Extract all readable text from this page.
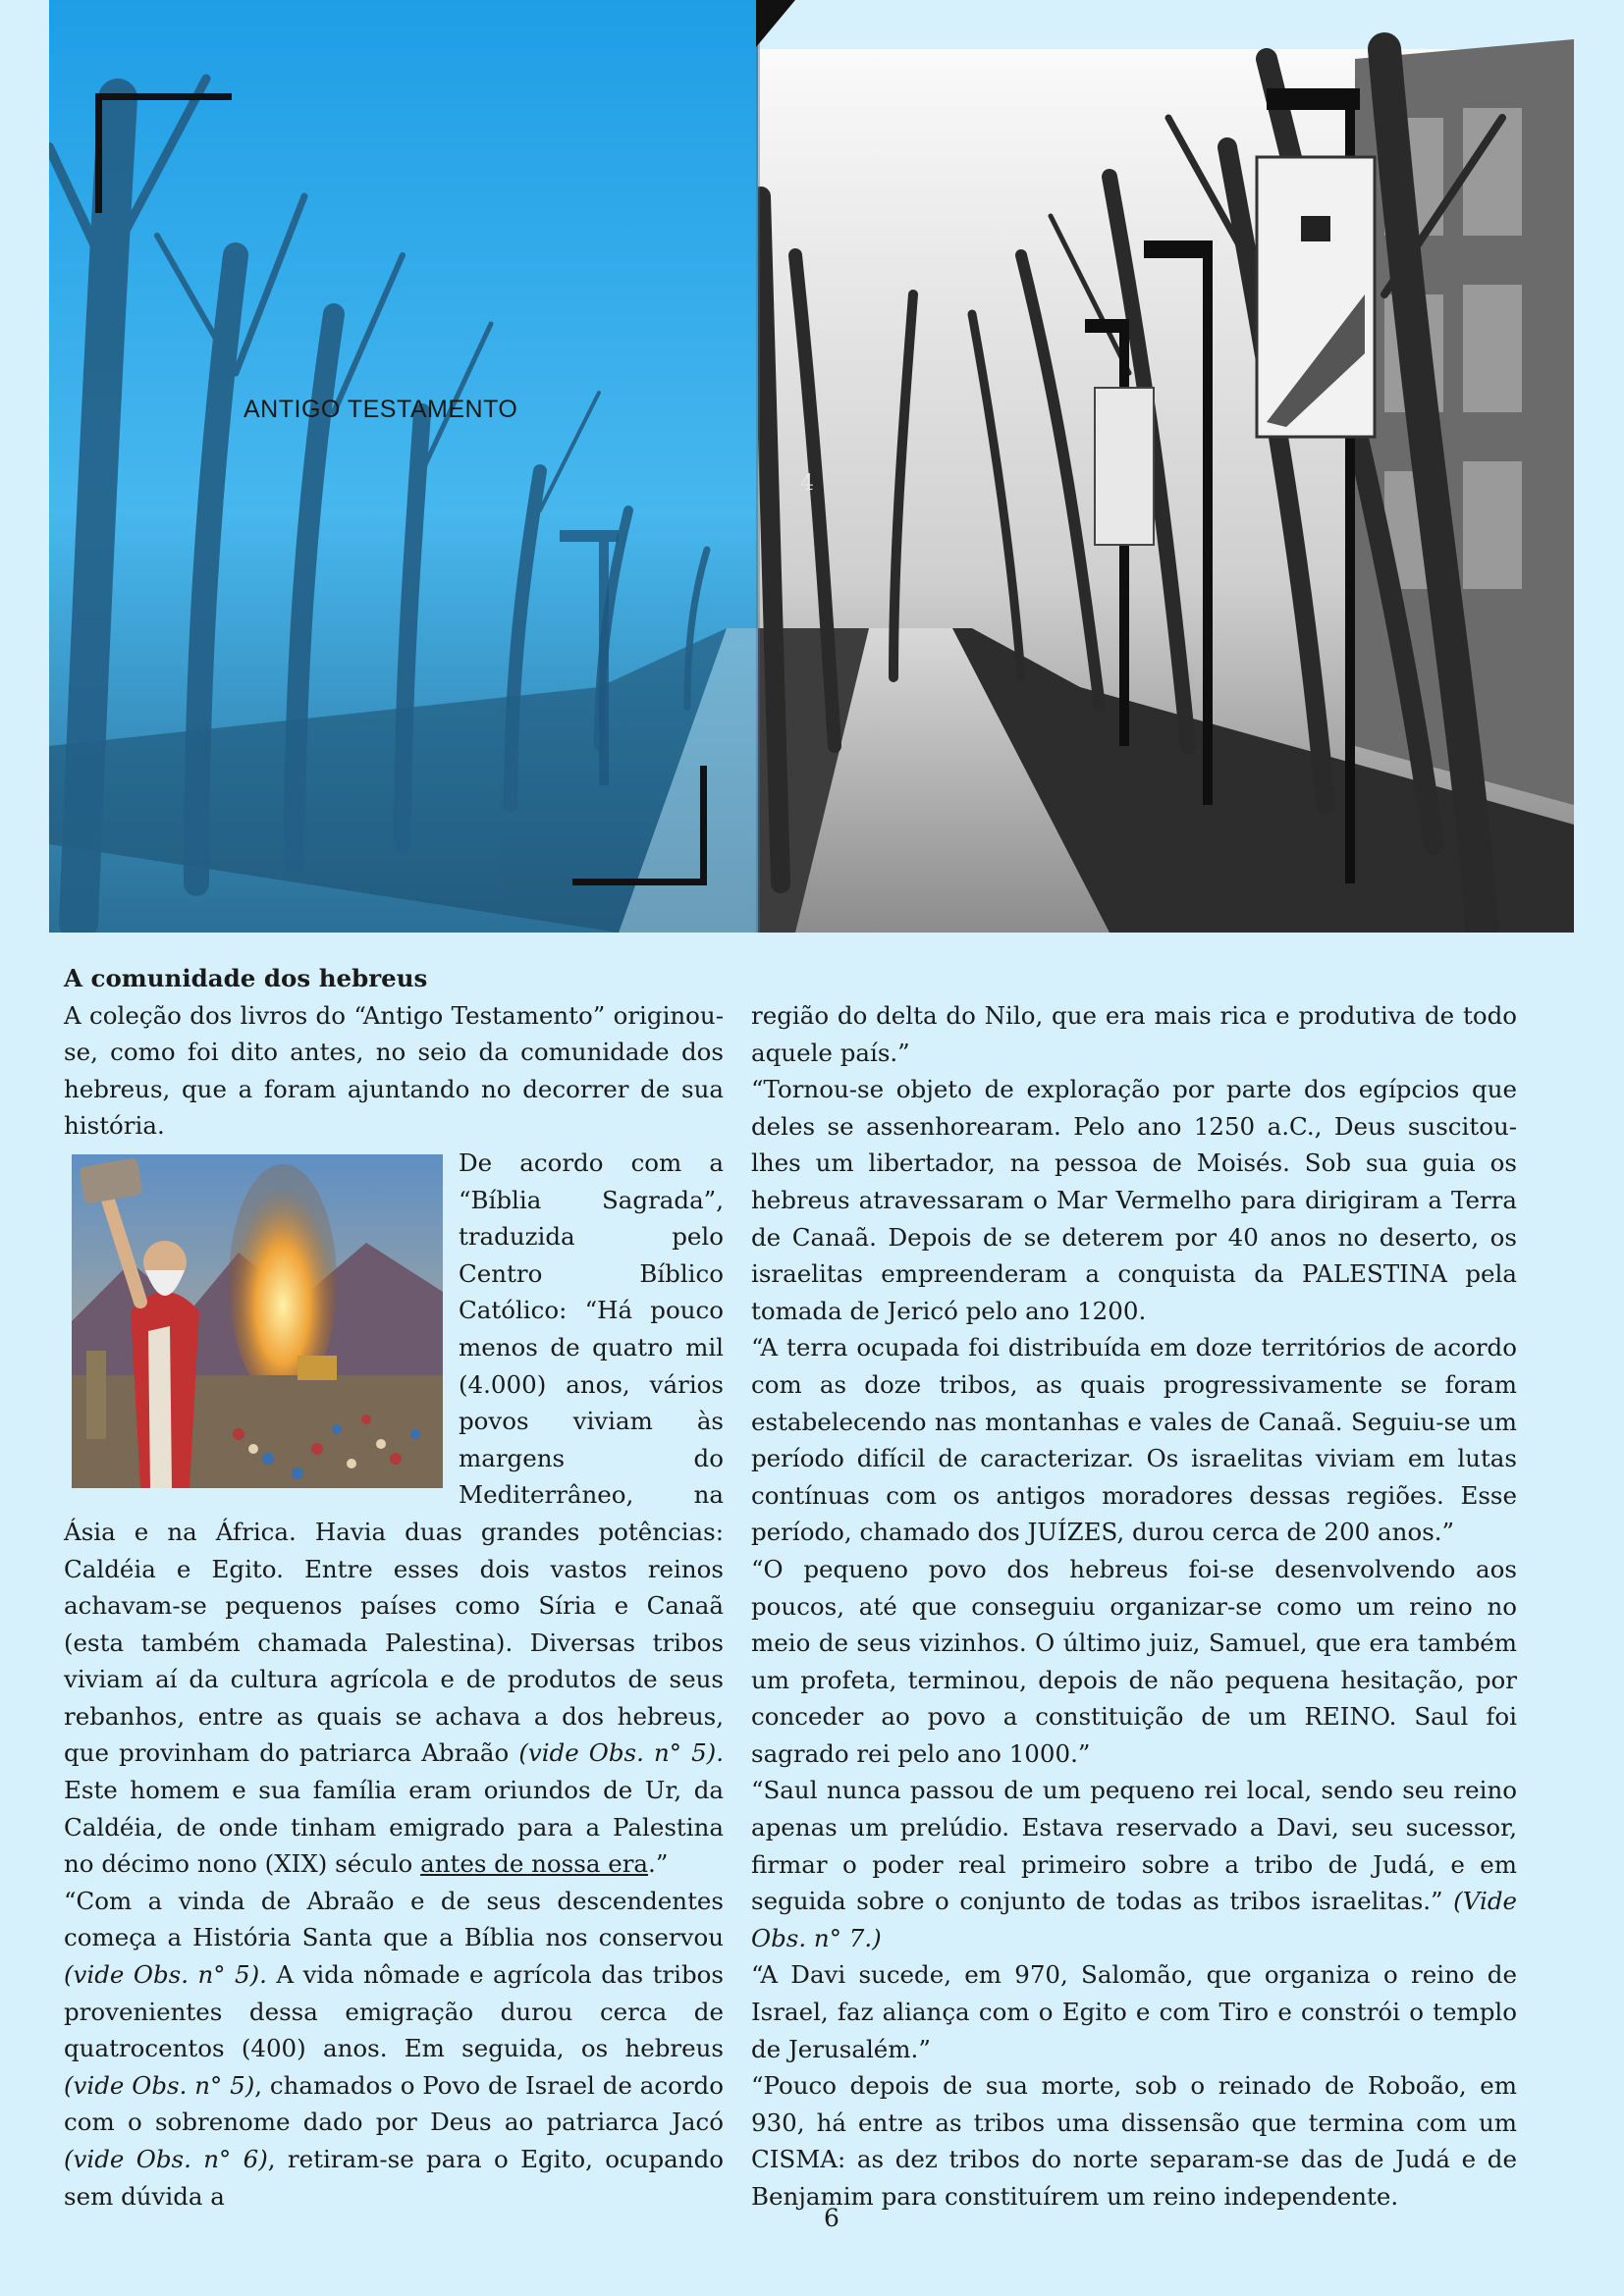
ANTIGO TESTAMENTO
4

A comunidade dos hebreus

A coleção dos livros do “Antigo Testamento” originou-se, como foi dito antes, no seio da comunidade dos hebreus, que a foram ajuntando no decorrer de sua história.

De acordo com a “Bíblia Sagrada”, traduzida pelo Centro Bíblico Católico: “Há pouco menos de quatro mil (4.000) anos, vários povos viviam às margens do Mediterrâneo, na Ásia e na África. Havia duas grandes potências: Caldéia e Egito. Entre esses dois vastos reinos achavam-se pequenos países como Síria e Canaã (esta também chamada Palestina). Diversas tribos viviam aí da cultura agrícola e de produtos de seus rebanhos, entre as quais se achava a dos hebreus, que provinham do patriarca Abraão (vide Obs. n° 5). Este homem e sua família eram oriundos de Ur, da Caldéia, de onde tinham emigrado para a Palestina no décimo nono (XIX) século antes de nossa era.”

“Com a vinda de Abraão e de seus descendentes começa a História Santa que a Bíblia nos conservou (vide Obs. n° 5). A vida nômade e agrícola das tribos provenientes dessa emigração durou cerca de quatrocentos (400) anos. Em seguida, os hebreus (vide Obs. n° 5), chamados o Povo de Israel de acordo com o sobrenome dado por Deus ao patriarca Jacó (vide Obs. n° 6), retiram-se para o Egito, ocupando sem dúvida a

região do delta do Nilo, que era mais rica e produtiva de todo aquele país.”

“Tornou-se objeto de exploração por parte dos egípcios que deles se assenhorearam. Pelo ano 1250 a.C., Deus suscitou-lhes um libertador, na pessoa de Moisés. Sob sua guia os hebreus atravessaram o Mar Vermelho para dirigiram a Terra de Canaã. Depois de se deterem por 40 anos no deserto, os israelitas empreenderam a conquista da PALESTINA pela tomada de Jericó pelo ano 1200.

“A terra ocupada foi distribuída em doze territórios de acordo com as doze tribos, as quais progressivamente se foram estabelecendo nas montanhas e vales de Canaã. Seguiu-se um período difícil de caracterizar. Os israelitas viviam em lutas contínuas com os antigos moradores dessas regiões. Esse período, chamado dos JUÍZES, durou cerca de 200 anos.”

“O pequeno povo dos hebreus foi-se desenvolvendo aos poucos, até que conseguiu organizar-se como um reino no meio de seus vizinhos. O último juiz, Samuel, que era também um profeta, terminou, depois de não pequena hesitação, por conceder ao povo a constituição de um REINO. Saul foi sagrado rei pelo ano 1000.”

“Saul nunca passou de um pequeno rei local, sendo seu reino apenas um prelúdio. Estava reservado a Davi, seu sucessor, firmar o poder real primeiro sobre a tribo de Judá, e em seguida sobre o conjunto de todas as tribos israelitas.” (Vide Obs. n° 7.)

“A Davi sucede, em 970, Salomão, que organiza o reino de Israel, faz aliança com o Egito e com Tiro e constrói o templo de Jerusalém.”

“Pouco depois de sua morte, sob o reinado de Roboão, em 930, há entre as tribos uma dissensão que termina com um CISMA: as dez tribos do norte separam-se das de Judá e de Benjamim para constituírem um reino independente.

6
